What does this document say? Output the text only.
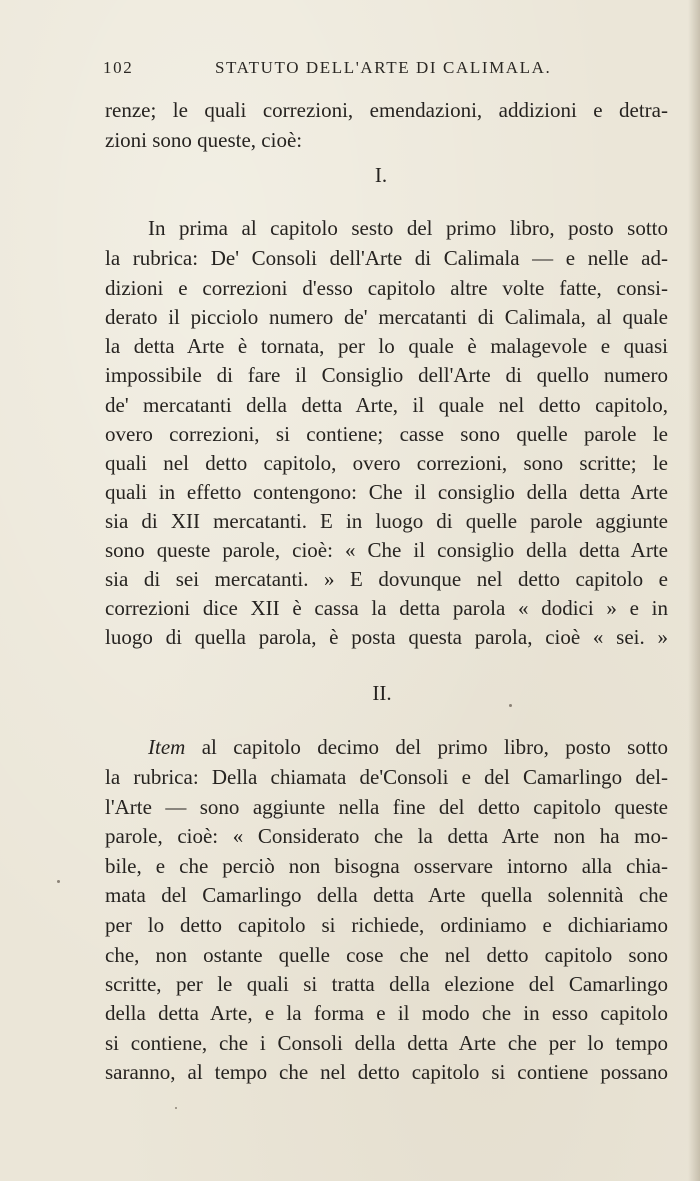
102	STATUTO DELL'ARTE DI CALIMALA.
renze; le quali correzioni, emendazioni, addizioni e detra-
zioni sono queste, cioè:
I.
In prima al capitolo sesto del primo libro, posto sotto
la rubrica: De' Consoli dell'Arte di Calimala — e nelle ad-
dizioni e correzioni d'esso capitolo altre volte fatte, consi-
derato il picciolo numero de' mercatanti di Calimala, al quale
la detta Arte è tornata, per lo quale è malagevole e quasi
impossibile di fare il Consiglio dell'Arte di quello numero
de' mercatanti della detta Arte, il quale nel detto capitolo,
overo correzioni, si contiene; casse sono quelle parole le
quali nel detto capitolo, overo correzioni, sono scritte; le
quali in effetto contengono: Che il consiglio della detta Arte
sia di XII mercatanti. E in luogo di quelle parole aggiunte
sono queste parole, cioè: « Che il consiglio della detta Arte
sia di sei mercatanti. » E dovunque nel detto capitolo e
correzioni dice XII è cassa la detta parola « dodici » e in
luogo di quella parola, è posta questa parola, cioè « sei. »
II.
Item al capitolo decimo del primo libro, posto sotto
la rubrica: Della chiamata de'Consoli e del Camarlingo del-
l'Arte — sono aggiunte nella fine del detto capitolo queste
parole, cioè: « Considerato che la detta Arte non ha mo-
bile, e che perciò non bisogna osservare intorno alla chia-
mata del Camarlingo della detta Arte quella solennità che
per lo detto capitolo si richiede, ordiniamo e dichiariamo
che, non ostante quelle cose che nel detto capitolo sono
scritte, per le quali si tratta della elezione del Camarlingo
della detta Arte, e la forma e il modo che in esso capitolo
si contiene, che i Consoli della detta Arte che per lo tempo
saranno, al tempo che nel detto capitolo si contiene possano
